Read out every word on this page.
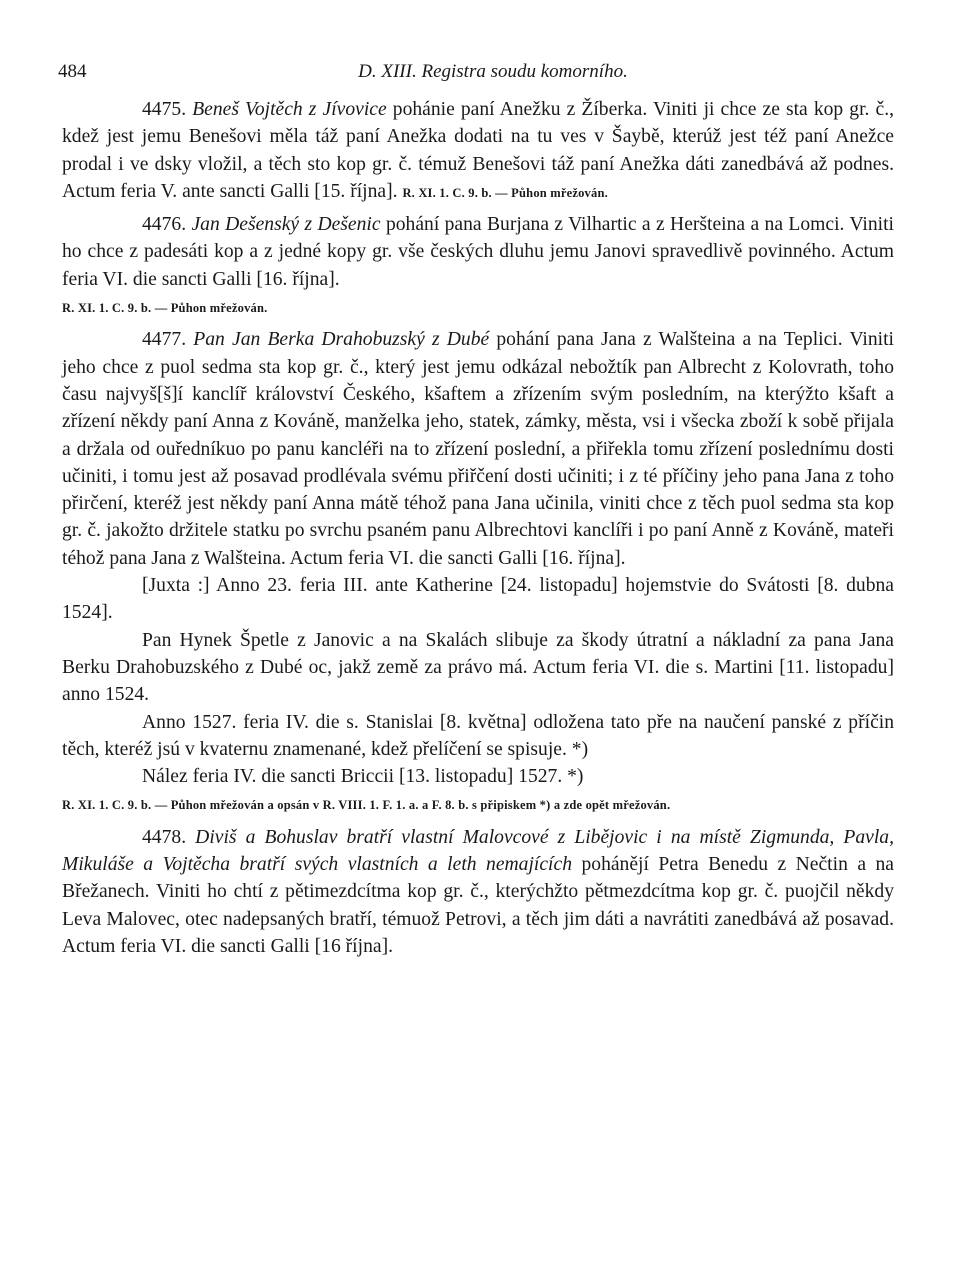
484	D. XIII. Registra soudu komorního.

4475. Beneš Vojtěch z Jívovice pohánie paní Anežku z Žíberka. Viniti ji chce ze sta kop gr. č., kdež jest jemu Benešovi měla táž paní Anežka dodati na tu ves v Šaybě, kterúž jest též paní Anežce prodal i ve dsky vložil, a těch sto kop gr. č. témuž Benešovi táž paní Anežka dáti zanedbává až podnes. Actum feria V. ante sancti Galli [15. října]. R. XI. 1. C. 9. b. — Půhon mřežován.

4476. Jan Dešenský z Dešenic pohání pana Burjana z Vilhartic a z Heršteina a na Lomci. Viniti ho chce z padesáti kop a z jedné kopy gr. vše českých dluhu jemu Janovi spravedlivě povinného. Actum feria VI. die sancti Galli [16. října].

R. XI. 1. C. 9. b. — Půhon mřežován.

4477. Pan Jan Berka Drahobuzský z Dubé pohání pana Jana z Walšteina a na Teplici. Viniti jeho chce z puol sedma sta kop gr. č., který jest jemu odkázal nebožtík pan Albrecht z Kolovrath, toho času najvyš[š]í kanclíř království Českého, kšaftem a zřízením svým posledním, na kterýžto kšaft a zřízení někdy paní Anna z Kováně, manželka jeho, statek, zámky, města, vsi i všecka zboží k sobě přijala a držala od ouředníkuo po panu kancléři na to zřízení poslední, a přiřekla tomu zřízení poslednímu dosti učiniti, i tomu jest až posavad prodlévala svému přiřčení dosti učiniti; i z té příčiny jeho pana Jana z toho přirčení, kteréž jest někdy paní Anna mátě téhož pana Jana učinila, viniti chce z těch puol sedma sta kop gr. č. jakožto držitele statku po svrchu psaném panu Albrechtovi kanclíři i po paní Anně z Kováně, mateři téhož pana Jana z Walšteina. Actum feria VI. die sancti Galli [16. října].

[Juxta :] Anno 23. feria III. ante Katherine [24. listopadu] hojemstvie do Svátosti [8. dubna 1524].

Pan Hynek Špetle z Janovic a na Skalách slibuje za škody útratní a nákladní za pana Jana Berku Drahobuzského z Dubé oc, jakž země za právo má. Actum feria VI. die s. Martini [11. listopadu] anno 1524.

Anno 1527. feria IV. die s. Stanislai [8. května] odložena tato pře na naučení panské z příčin těch, kteréž jsú v kvaternu znamenané, kdež přelíčení se spisuje. *)

Nález feria IV. die sancti Briccii [13. listopadu] 1527. *)

R. XI. 1. C. 9. b. — Půhon mřežován a opsán v R. VIII. 1. F. 1. a. a F. 8. b. s připiskem *) a zde opět mřežován.

4478. Diviš a Bohuslav bratří vlastní Malovcové z Liběјovic i na místě Zigmunda, Pavla, Mikuláše a Vojtěcha bratří svých vlastních a leth nemajících pohánějí Petra Benedu z Nečtin a na Břežanech. Viniti ho chtí z pětimezdcítma kop gr. č., kterýchžto pětmezdcítma kop gr. č. puojčil někdy Leva Malovec, otec nadepsaných bratří, témuož Petrovi, a těch jim dáti a navrátiti zanedbává až posavad. Actum feria VI. die sancti Galli [16 října].
